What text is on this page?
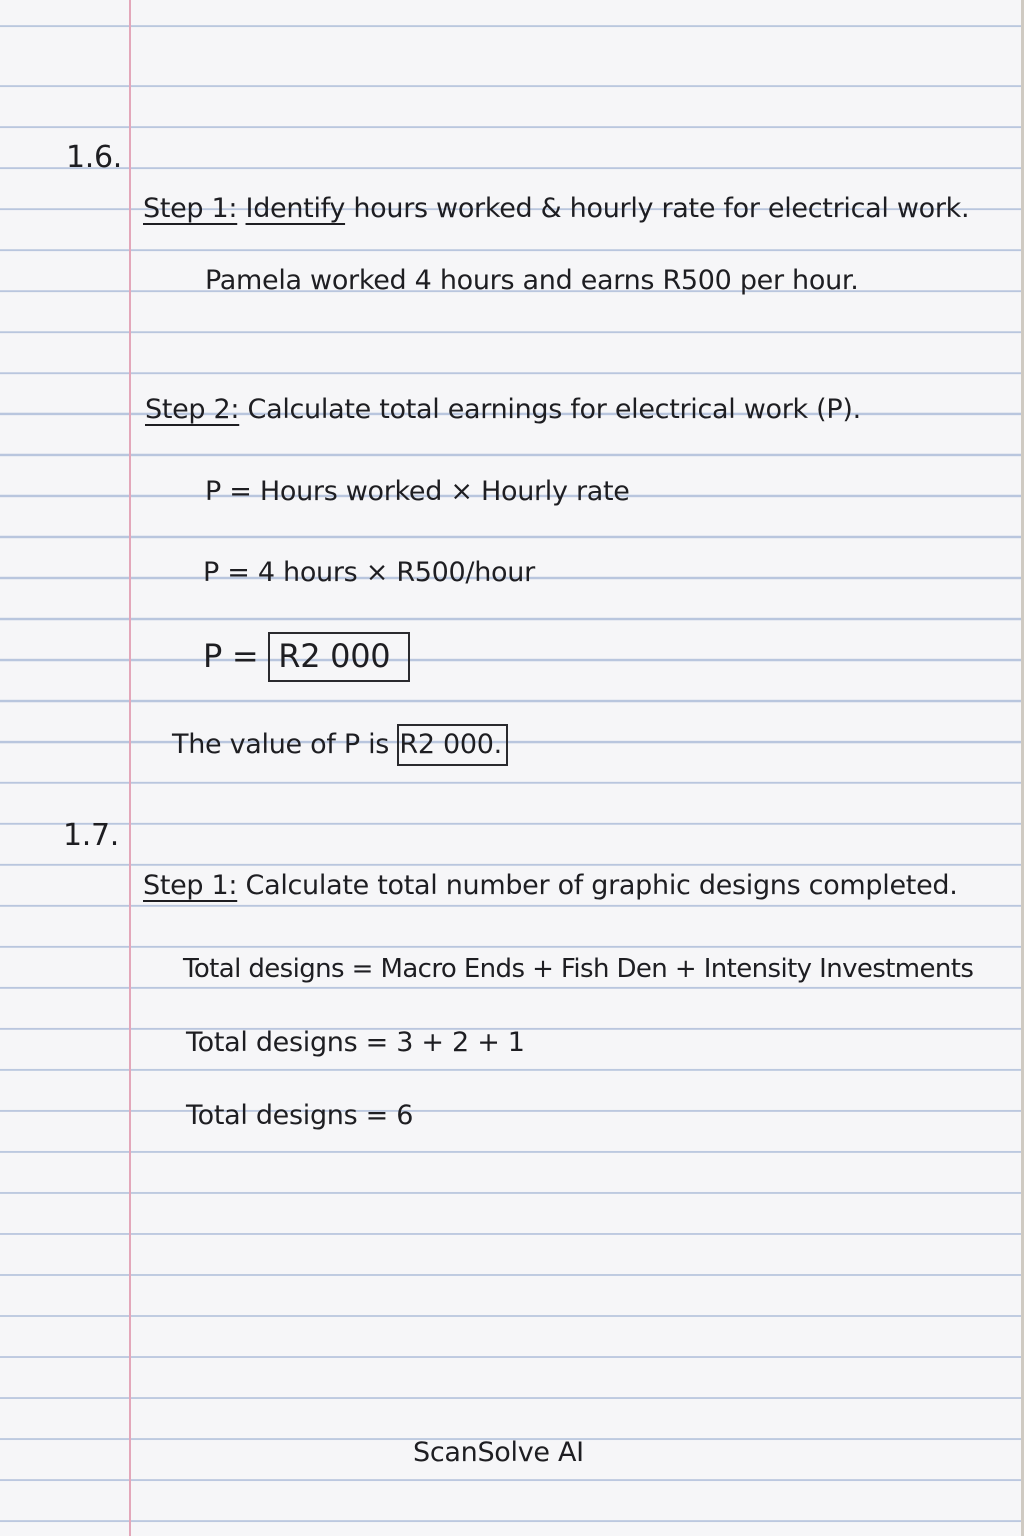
1.6.
Step 1: Identify hours worked & hourly rate for electrical work.
Pamela worked 4 hours and earns R500 per hour.
Step 2: Calculate total earnings for electrical work (P).
P = Hours worked × Hourly rate
P = 4 hours × R500/hour
P = R2 000
The value of P is R2 000.
1.7.
Step 1: Calculate total number of graphic designs completed.
Total designs = Macro Ends + Fish Den + Intensity Investments
Total designs = 3 + 2 + 1
Total designs = 6
ScanSolve AI
